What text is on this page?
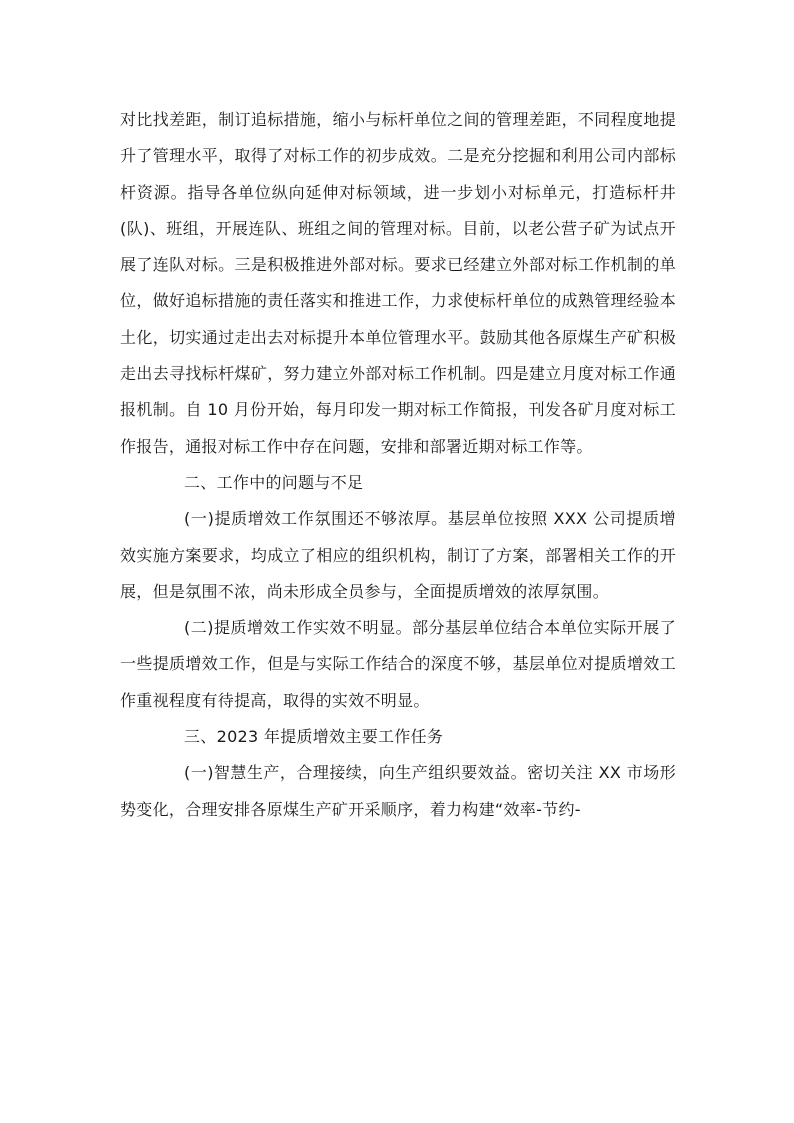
对比找差距，制订追标措施，缩小与标杆单位之间的管理差距，不同程度地提升了管理水平，取得了对标工作的初步成效。二是充分挖掘和利用公司内部标杆资源。指导各单位纵向延伸对标领域，进一步划小对标单元，打造标杆井(队)、班组，开展连队、班组之间的管理对标。目前，以老公营子矿为试点开展了连队对标。三是积极推进外部对标。要求已经建立外部对标工作机制的单位，做好追标措施的责任落实和推进工作，力求使标杆单位的成熟管理经验本土化，切实通过走出去对标提升本单位管理水平。鼓励其他各原煤生产矿积极走出去寻找标杆煤矿，努力建立外部对标工作机制。四是建立月度对标工作通报机制。自 10 月份开始，每月印发一期对标工作简报，刊发各矿月度对标工作报告，通报对标工作中存在问题，安排和部署近期对标工作等。

二、工作中的问题与不足

(一)提质增效工作氛围还不够浓厚。基层单位按照 XXX 公司提质增效实施方案要求，均成立了相应的组织机构，制订了方案，部署相关工作的开展，但是氛围不浓，尚未形成全员参与，全面提质增效的浓厚氛围。

(二)提质增效工作实效不明显。部分基层单位结合本单位实际开展了一些提质增效工作，但是与实际工作结合的深度不够，基层单位对提质增效工作重视程度有待提高，取得的实效不明显。

三、2023 年提质增效主要工作任务

(一)智慧生产，合理接续，向生产组织要效益。密切关注 XX 市场形势变化，合理安排各原煤生产矿开采顺序，着力构建“效率-节约-
